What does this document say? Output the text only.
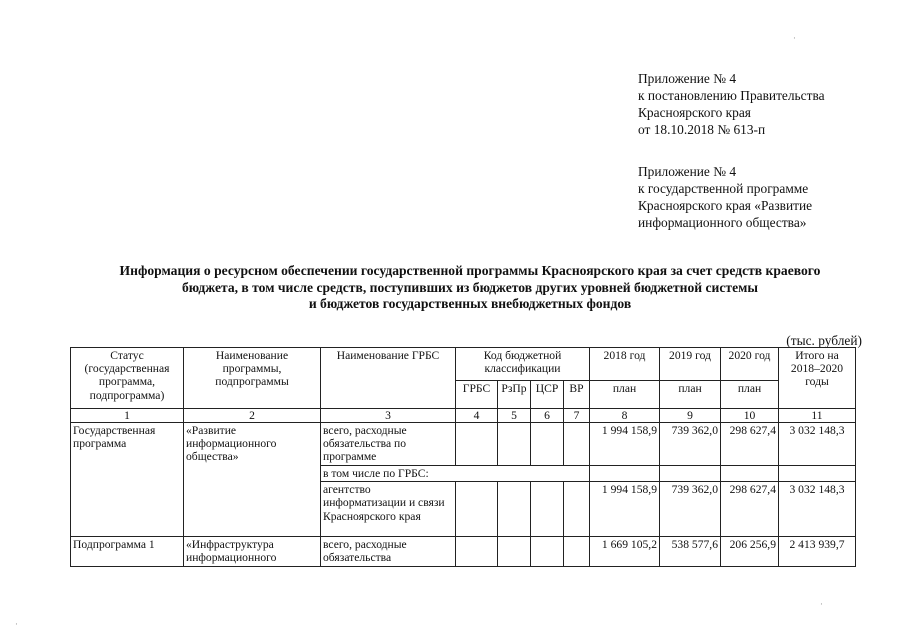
Приложение № 4
к постановлению Правительства
Красноярского края
от 18.10.2018 № 613-п
Приложение № 4
к государственной программе
Красноярского края «Развитие
информационного общества»
Информация о ресурсном обеспечении государственной программы Красноярского края за счет средств краевого
бюджета, в том числе средств, поступивших из бюджетов других уровней бюджетной системы
и бюджетов государственных внебюджетных фондов
(тыс. рублей)
Статус (государственная программа, подпрограмма)	Наименование программы, подпрограммы	Наименование ГРБС	Код бюджетной классификации				2018 год	2019 год	2020 год	Итого на 2018–2020 годы
			ГРБС	РзПр	ЦСР	ВР	план	план	план	
1	2	3	4	5	6	7	8	9	10	11
Государственная программа	«Развитие информационного общества»	всего, расходные обязательства по программе					1 994 158,9	739 362,0	298 627,4	3 032 148,3
		в том числе по ГРБС:								
		агентство информатизации и связи Красноярского края					1 994 158,9	739 362,0	298 627,4	3 032 148,3
Подпрограмма 1	«Инфраструктура информационного	всего, расходные обязательства					1 669 105,2	538 577,6	206 256,9	2 413 939,7
·
·
·
